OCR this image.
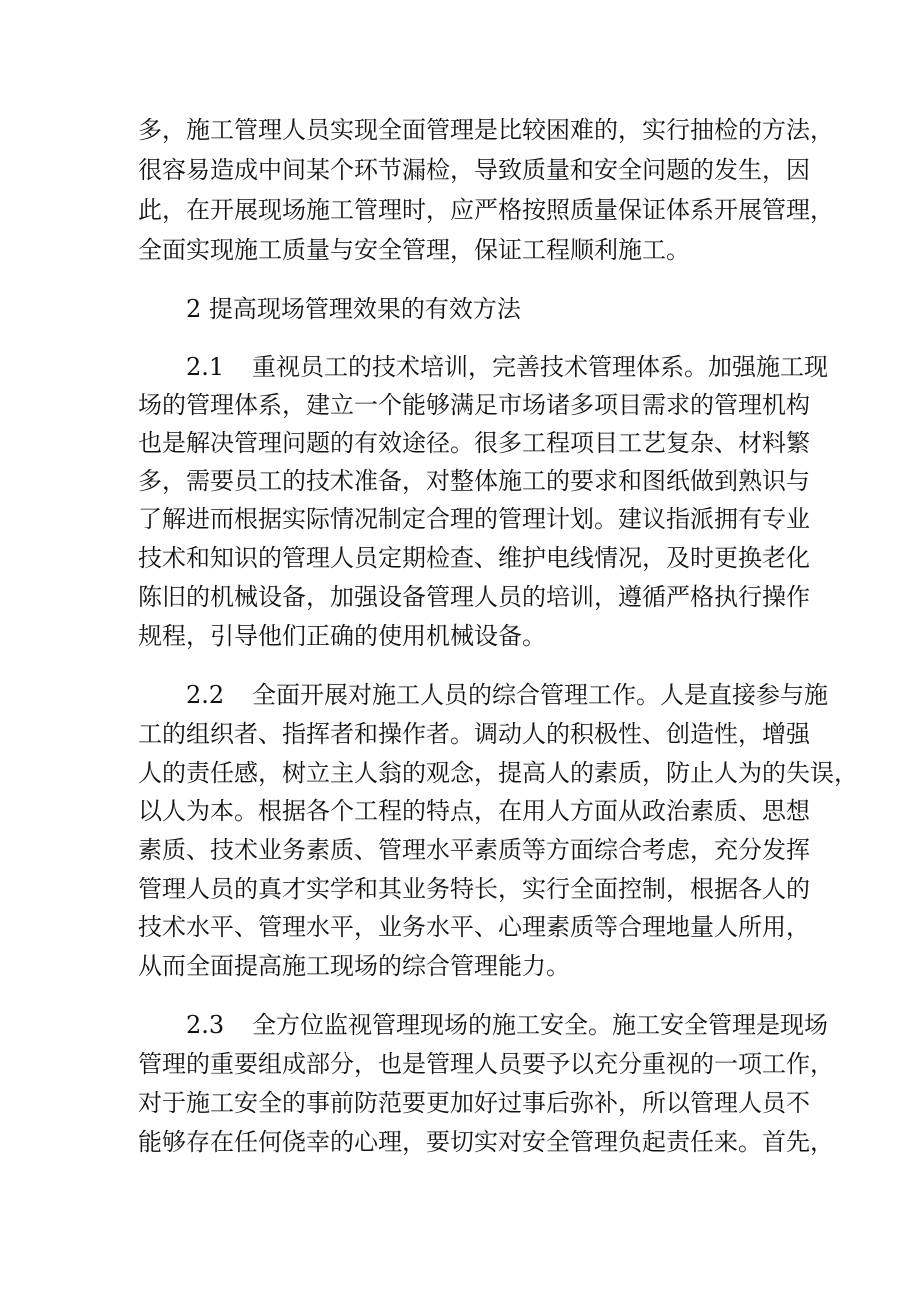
多，施工管理人员实现全面管理是比较困难的，实行抽检的方法，
很容易造成中间某个环节漏检，导致质量和安全问题的发生，因
此，在开展现场施工管理时，应严格按照质量保证体系开展管理，
全面实现施工质量与安全管理，保证工程顺利施工。
2 提高现场管理效果的有效方法
2.1 重视员工的技术培训，完善技术管理体系。加强施工现
场的管理体系，建立一个能够满足市场诸多项目需求的管理机构
也是解决管理问题的有效途径。很多工程项目工艺复杂、材料繁
多，需要员工的技术准备，对整体施工的要求和图纸做到熟识与
了解进而根据实际情况制定合理的管理计划。建议指派拥有专业
技术和知识的管理人员定期检查、维护电线情况，及时更换老化
陈旧的机械设备，加强设备管理人员的培训，遵循严格执行操作
规程，引导他们正确的使用机械设备。
2.2 全面开展对施工人员的综合管理工作。人是直接参与施
工的组织者、指挥者和操作者。调动人的积极性、创造性，增强
人的责任感，树立主人翁的观念，提高人的素质，防止人为的失误，
以人为本。根据各个工程的特点，在用人方面从政治素质、思想
素质、技术业务素质、管理水平素质等方面综合考虑，充分发挥
管理人员的真才实学和其业务特长，实行全面控制，根据各人的
技术水平、管理水平，业务水平、心理素质等合理地量人所用，
从而全面提高施工现场的综合管理能力。
2.3 全方位监视管理现场的施工安全。施工安全管理是现场
管理的重要组成部分，也是管理人员要予以充分重视的一项工作，
对于施工安全的事前防范要更加好过事后弥补，所以管理人员不
能够存在任何侥幸的心理，要切实对安全管理负起责任来。首先，
